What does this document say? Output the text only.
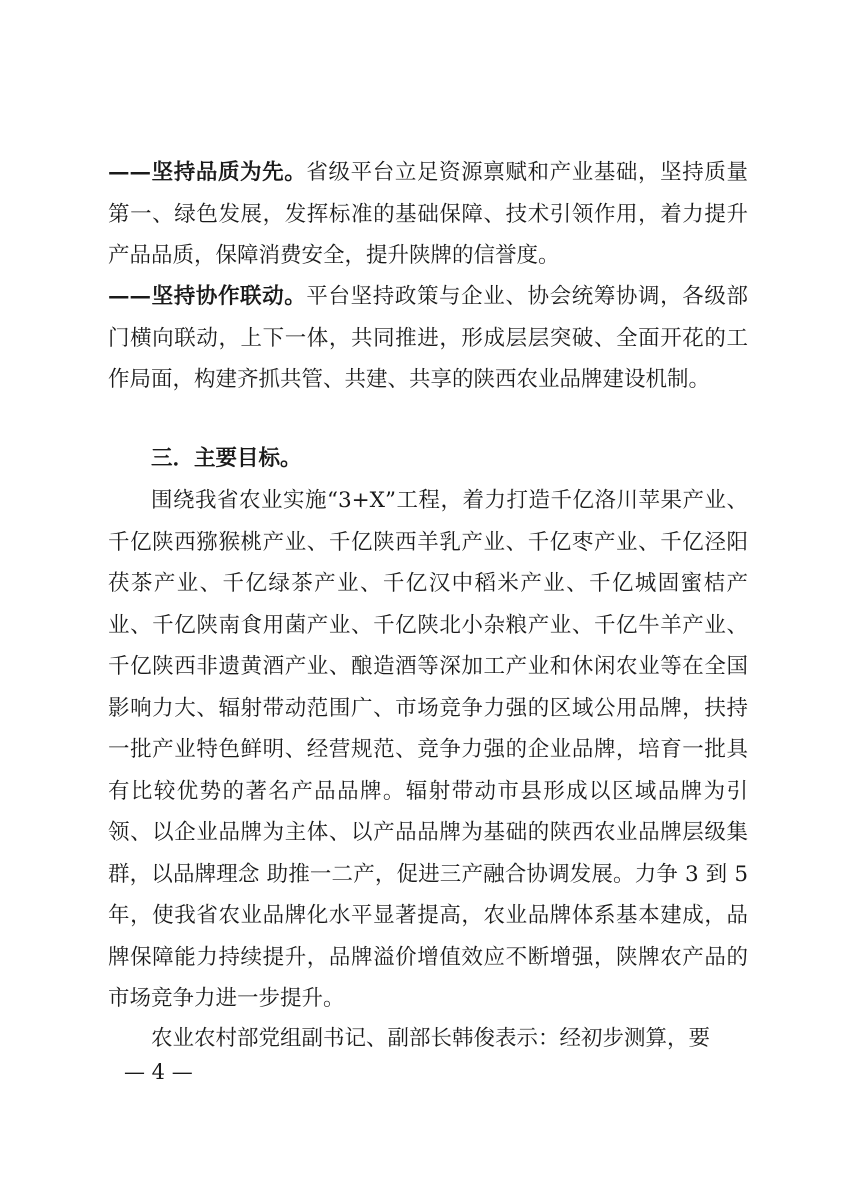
——坚持品质为先。省级平台立足资源禀赋和产业基础，坚持质量第一、绿色发展，发挥标准的基础保障、技术引领作用，着力提升产品品质，保障消费安全，提升陕牌的信誉度。

——坚持协作联动。平台坚持政策与企业、协会统筹协调，各级部门横向联动，上下一体，共同推进，形成层层突破、全面开花的工作局面，构建齐抓共管、共建、共享的陕西农业品牌建设机制。

三．主要目标。

围绕我省农业实施“3+X”工程，着力打造千亿洛川苹果产业、千亿陕西猕猴桃产业、千亿陕西羊乳产业、千亿枣产业、千亿泾阳茯茶产业、千亿绿茶产业、千亿汉中稻米产业、千亿城固蜜桔产业、千亿陕南食用菌产业、千亿陕北小杂粮产业、千亿牛羊产业、千亿陕西非遗黄酒产业、酿造酒等深加工产业和休闲农业等在全国影响力大、辐射带动范围广、市场竞争力强的区域公用品牌，扶持一批产业特色鲜明、经营规范、竞争力强的企业品牌，培育一批具有比较优势的著名产品品牌。辐射带动市县形成以区域品牌为引领、以企业品牌为主体、以产品品牌为基础的陕西农业品牌层级集群，以品牌理念 助推一二产，促进三产融合协调发展。力争 3 到 5 年，使我省农业品牌化水平显著提高，农业品牌体系基本建成，品牌保障能力持续提升，品牌溢价增值效应不断增强，陕牌农产品的市场竞争力进一步提升。

农业农村部党组副书记、副部长韩俊表示：经初步测算，要

— 4 —
